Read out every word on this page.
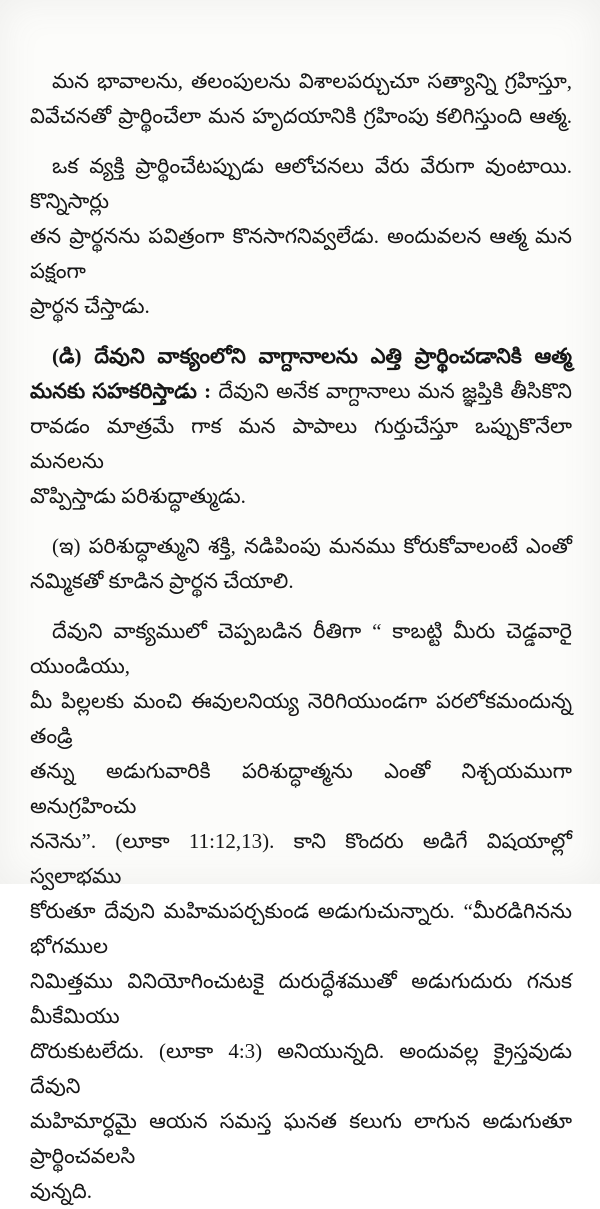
మన భావాలను, తలంపులను విశాలపర్చుచూ సత్యాన్ని గ్రహిస్తూ,
వివేచనతో ప్రార్థించేలా మన హృదయానికి గ్రహింపు కలిగిస్తుంది ఆత్మ.
ఒక వ్యక్తి ప్రార్థించేటప్పుడు ఆలోచనలు వేరు వేరుగా వుంటాయి. కొన్నిసార్లు
తన ప్రార్థనను పవిత్రంగా కొనసాగనివ్వలేడు. అందువలన ఆత్మ మన పక్షంగా
ప్రార్థన చేస్తాడు.
(డి) దేవుని వాక్యంలోని వాగ్దానాలను ఎత్తి ప్రార్థించడానికి ఆత్మ
మనకు సహకరిస్తాడు : దేవుని అనేక వాగ్దానాలు మన జ్ఞప్తికి తీసికొని
రావడం మాత్రమే గాక మన పాపాలు గుర్తుచేస్తూ ఒప్పుకొనేలా మనలను
వొప్పిస్తాడు పరిశుద్ధాత్ముడు.
(ఇ) పరిశుద్ధాత్ముని శక్తి, నడిపింపు మనము కోరుకోవాలంటే ఎంతో
నమ్మికతో కూడిన ప్రార్థన చేయాలి.
దేవుని వాక్యములో చెప్పబడిన రీతిగా “ కాబట్టి మీరు చెడ్డవారై యుండియు,
మీ పిల్లలకు మంచి ఈవులనియ్య నెరిగియుండగా పరలోకమందున్న తండ్రి
తన్ను అడుగువారికి పరిశుద్ధాత్మను ఎంతో నిశ్చయముగా అనుగ్రహించు
ననెను”. (లూకా 11:12,13). కాని కొందరు అడిగే విషయాల్లో స్వలాభము
కోరుతూ దేవుని మహిమపర్చకుండ అడుగుచున్నారు. “మీరడిగినను భోగముల
నిమిత్తము వినియోగించుటకై దురుద్ధేశముతో అడుగుదురు గనుక మీకేమియు
దొరుకుటలేదు. (లూకా 4:3) అనియున్నది. అందువల్ల క్రైస్తవుడు దేవుని
మహిమార్ధమై ఆయన సమస్త ఘనత కలుగు లాగున అడుగుతూ ప్రార్థించవలసి
వున్నది.
